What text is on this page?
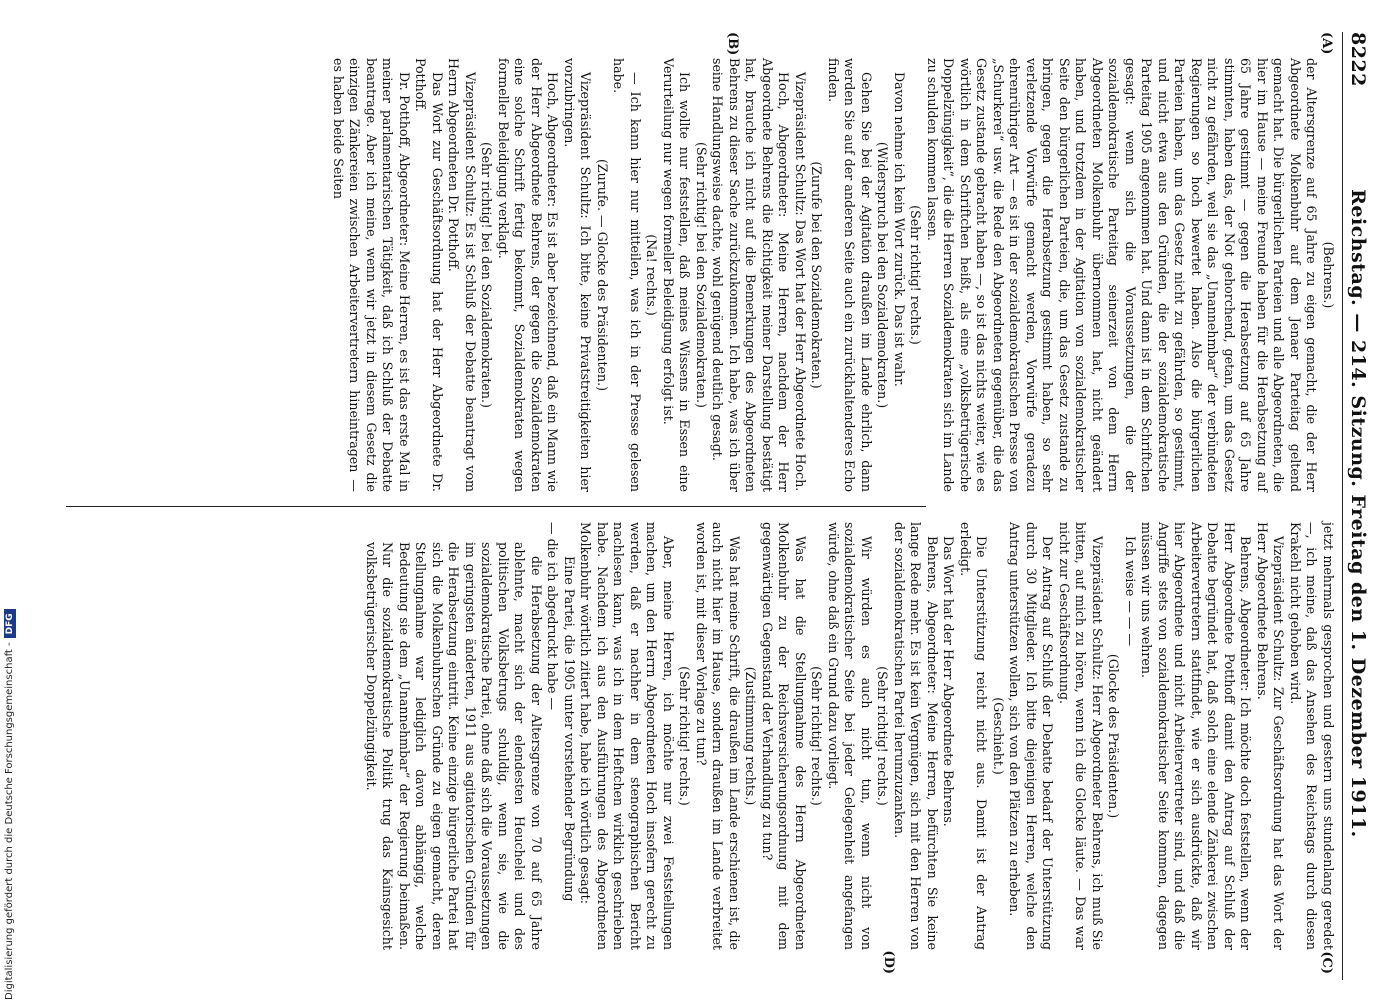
8222
Reichstag. — 214. Sitzung. Freitag den 1. Dezember 1911.
(A)
(B)

(Behrens.)

der Altersgrenze auf 65 Jahre zu eigen gemacht, die der Herr Abgeordnete Molkenbuhr auf dem Jenaer Parteitag geltend gemacht hat. Die bürgerlichen Parteien und alle Abgeordneten, die hier im Hause — meine Freunde haben für die Herabsetzung auf 65 Jahre gestimmt — gegen die Herabsetzung auf 65 Jahre stimmten, haben das, der Not gehorchend, getan, um das Gesetz nicht zu gefährden, weil sie das „Unannehmbar“ der verbündeten Regierungen so hoch bewertet haben. Also die bürgerlichen Parteien haben, um das Gesetz nicht zu gefährden, so gestimmt, und nicht etwa aus den Gründen, die der sozialdemokratische Parteitag 1905 angenommen hat. Und dann ist in dem Schriftchen gesagt: wenn sich die Voraussetzungen, die der sozialdemokratische Parteitag seinerzeit von dem Herrn Abgeordneten Molkenbuhr übernommen hat, nicht geändert haben, und trotzdem in der Agitation von sozialdemokratischer Seite den bürgerlichen Parteien, die, um das Gesetz zustande zu bringen, gegen die Herabsetzung gestimmt haben, so sehr verletzende Vorwürfe gemacht werden, Vorwürfe geradezu ehrenrühriger Art — es ist in der sozialdemokratischen Presse von „Schurkerei“ usw. die Rede den Abgeordneten gegenüber, die das Gesetz zustande gebracht haben —, so ist das nichts weiter, wie es wörtlich in dem Schriftchen heißt, als eine „volksbetrügerische Doppelzüngigkeit“, die die Herren Sozialdemokraten sich im Lande zu schulden kommen lassen.

(Sehr richtig! rechts.)

Davon nehme ich kein Wort zurück. Das ist wahr.

(Widerspruch bei den Sozialdemokraten.)

Gehen Sie bei der Agitation draußen im Lande ehrlich, dann werden Sie auf der anderen Seite auch ein zurückhaltenderes Echo finden.

(Zurufe bei den Sozialdemokraten.)

Vizepräsident Schultz: Das Wort hat der Herr Abgeordnete Hoch.

Hoch, Abgeordneter: Meine Herren, nachdem der Herr Abgeordnete Behrens die Richtigkeit meiner Darstellung bestätigt hat, brauche ich nicht auf die Bemerkungen des Abgeordneten Behrens zu dieser Sache zurückzukommen. Ich habe, was ich über seine Handlungsweise dachte, wohl genügend deutlich gesagt.

(Sehr richtig! bei den Sozialdemokraten.)

Ich wollte nur feststellen, daß meines Wissens in Essen eine Verurteilung nur wegen formeller Beleidigung erfolgt ist.

(Na! rechts.)

— Ich kann hier nur mitteilen, was ich in der Presse gelesen habe.

(Zurufe. — Glocke des Präsidenten.)

Vizepräsident Schultz: Ich bitte, keine Privatstreitigkeiten hier vorzubringen.

Hoch, Abgeordneter: Es ist aber bezeichnend, daß ein Mann wie der Herr Abgeordnete Behrens, der gegen die Sozialdemokraten eine solche Schrift fertig bekommt, Sozialdemokraten wegen formeller Beleidigung verklagt.

(Sehr richtig! bei den Sozialdemokraten.)

Vizepräsident Schultz: Es ist Schluß der Debatte beantragt vom Herrn Abgeordneten Dr. Potthoff.

Das Wort zur Geschäftsordnung hat der Herr Abgeordnete Dr. Potthoff.

Dr. Potthoff, Abgeordneter: Meine Herren, es ist das erste Mal in meiner parlamentarischen Tätigkeit, daß ich Schluß der Debatte beantrage. Aber ich meine, wenn wir jetzt in diesem Gesetz die einzigen Zänkereien zwischen Arbeitervertretern hineintragen — es haben beide Seiten

(C)
(D)

jetzt mehrmals gesprochen und gestern uns stundenlang geredet —, ich meine, daß das Ansehen des Reichstags durch diesen Krakehl nicht gehoben wird.

Vizepräsident Schultz: Zur Geschäftsordnung hat das Wort der Herr Abgeordnete Behrens.

Behrens, Abgeordneter: Ich möchte doch feststellen, wenn der Herr Abgeordnete Potthoff damit den Antrag auf Schluß der Debatte begründet hat, daß solch eine elende Zänkerei zwischen Arbeitervertretern stattfindet, wie er sich ausdrückte, daß wir hier Abgeordnete und nicht Arbeitervertreter sind, und daß die Angriffe stets von sozialdemokratischer Seite kommen, dagegen müssen wir uns wehren.

Ich weise — — —

(Glocke des Präsidenten.)

Vizepräsident Schultz: Herr Abgeordneter Behrens, ich muß Sie bitten, auf mich zu hören, wenn ich die Glocke läute. — Das war nicht zur Geschäftsordnung.

Der Antrag auf Schluß der Debatte bedarf der Unterstützung durch 30 Mitglieder. Ich bitte diejenigen Herren, welche den Antrag unterstützen wollen, sich von den Plätzen zu erheben.

(Geschieht.)

Die Unterstützung reicht nicht aus. Damit ist der Antrag erledigt.

Das Wort hat der Herr Abgeordnete Behrens.

Behrens, Abgeordneter: Meine Herren, befürchten Sie keine lange Rede mehr. Es ist kein Vergnügen, sich mit den Herren von der sozialdemokratischen Partei herumzuzanken.

(Sehr richtig! rechts.)

Wir würden es auch nicht tun, wenn nicht von sozialdemokratischer Seite bei jeder Gelegenheit angefangen würde, ohne daß ein Grund dazu vorliegt.

(Sehr richtig! rechts.)

Was hat die Stellungnahme des Herrn Abgeordneten Molkenbuhr zu der Reichsversicherungsordnung mit dem gegenwärtigen Gegenstand der Verhandlung zu tun?

(Zustimmung rechts.)

Was hat meine Schrift, die draußen im Lande erschienen ist, die auch nicht hier im Hause, sondern draußen im Lande verbreitet worden ist, mit dieser Vorlage zu tun?

(Sehr richtig! rechts.)

Aber, meine Herren, ich möchte nur zwei Feststellungen machen, um den Herrn Abgeordneten Hoch insofern gerecht zu werden, daß er nachher in dem stenographischen Bericht nachlesen kann, was ich in dem Heftchen wirklich geschrieben habe. Nachdem ich aus den Ausführungen des Abgeordneten Molkenbuhr wörtlich zitiert habe, habe ich wörtlich gesagt:

Eine Partei, die 1905 unter vorstehender Begründung

— die ich abgedruckt habe —

die Herabsetzung der Altersgrenze von 70 auf 65 Jahre ablehnte, macht sich der elendesten Heuchelei und des politischen Volksbetrugs schuldig, wenn sie, wie die sozialdemokratische Partei, ohne daß sich die Voraussetzungen im geringsten änderten, 1911 aus agitatorischen Gründen für die Herabsetzung eintritt. Keine einzige bürgerliche Partei hat sich die Molkenbuhrschen Gründe zu eigen gemacht, deren Stellungnahme war lediglich davon abhängig, welche Bedeutung sie dem „Unannehmbar“ der Regierung beimaßen. Nur die sozialdemokratische Politik trug das Kainsgesicht volksbetrügerischer Doppelzüngigkeit.

Digitalisierung gefördert durch die Deutsche Forschungsgemeinschaft -DFG
